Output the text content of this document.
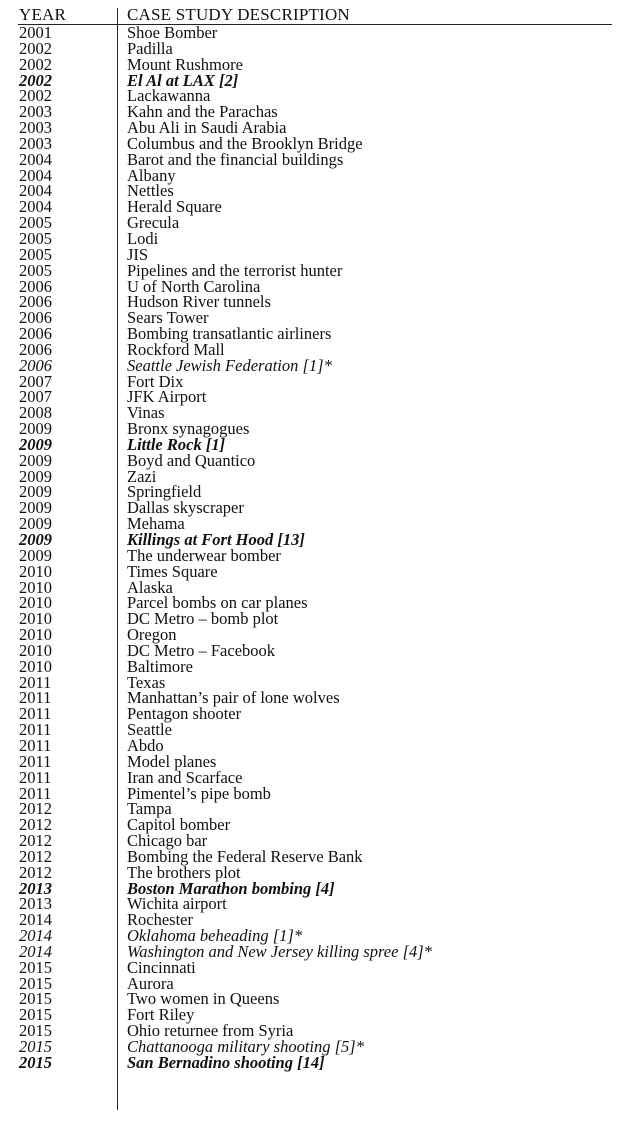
YEAR	CASE STUDY DESCRIPTION
2001	Shoe Bomber
2002	Padilla
2002	Mount Rushmore
2002	El Al at LAX [2]
2002	Lackawanna
2003	Kahn and the Parachas
2003	Abu Ali in Saudi Arabia
2003	Columbus and the Brooklyn Bridge
2004	Barot and the financial buildings
2004	Albany
2004	Nettles
2004	Herald Square
2005	Grecula
2005	Lodi
2005	JIS
2005	Pipelines and the terrorist hunter
2006	U of North Carolina
2006	Hudson River tunnels
2006	Sears Tower
2006	Bombing transatlantic airliners
2006	Rockford Mall
2006	Seattle Jewish Federation [1]*
2007	Fort Dix
2007	JFK Airport
2008	Vinas
2009	Bronx synagogues
2009	Little Rock [1]
2009	Boyd and Quantico
2009	Zazi
2009	Springfield
2009	Dallas skyscraper
2009	Mehama
2009	Killings at Fort Hood [13]
2009	The underwear bomber
2010	Times Square
2010	Alaska
2010	Parcel bombs on car planes
2010	DC Metro – bomb plot
2010	Oregon
2010	DC Metro – Facebook
2010	Baltimore
2011	Texas
2011	Manhattan’s pair of lone wolves
2011	Pentagon shooter
2011	Seattle
2011	Abdo
2011	Model planes
2011	Iran and Scarface
2011	Pimentel’s pipe bomb
2012	Tampa
2012	Capitol bomber
2012	Chicago bar
2012	Bombing the Federal Reserve Bank
2012	The brothers plot
2013	Boston Marathon bombing [4]
2013	Wichita airport
2014	Rochester
2014	Oklahoma beheading [1]*
2014	Washington and New Jersey killing spree [4]*
2015	Cincinnati
2015	Aurora
2015	Two women in Queens
2015	Fort Riley
2015	Ohio returnee from Syria
2015	Chattanooga military shooting [5]*
2015	San Bernadino shooting [14]
